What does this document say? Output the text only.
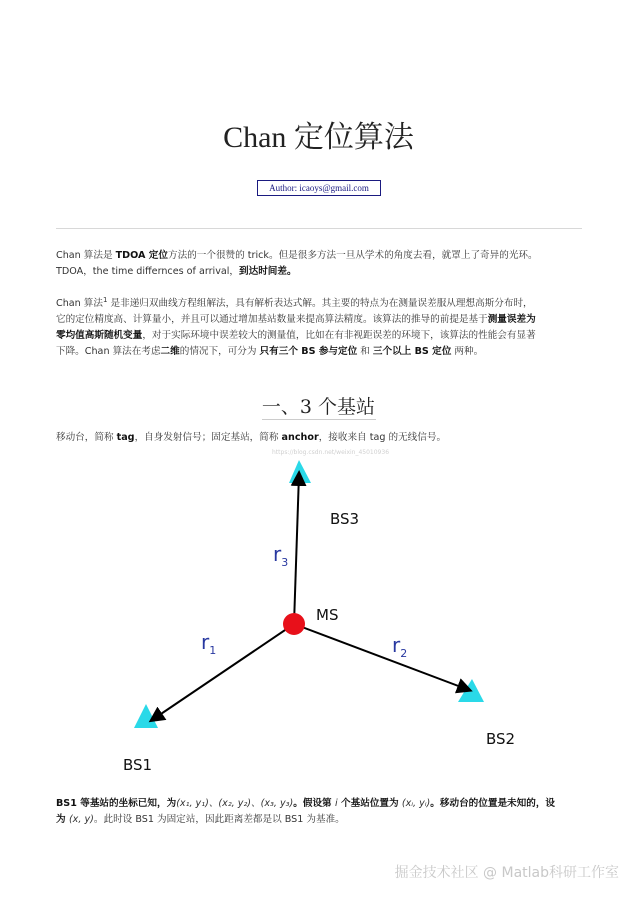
Chan 定位算法
Author: icaoys@gmail.com
Chan 算法是 TDOA 定位方法的一个很赞的 trick。但是很多方法一旦从学术的角度去看，就罩上了奇异的光环。
TDOA，the time differnces of arrival，到达时间差。
Chan 算法$^1$ 是非递归双曲线方程组解法，具有解析表达式解。其主要的特点为在测量误差服从理想高斯分布时，
它的定位精度高、计算量小，并且可以通过增加基站数量来提高算法精度。该算法的推导的前提是基于测量误差为
零均值高斯随机变量，对于实际环境中误差较大的测量值，比如在有非视距误差的环境下，该算法的性能会有显著
下降。Chan 算法在考虑二维的情况下，可分为 只有三个 BS 参与定位 和 三个以上 BS 定位 两种。
一、3 个基站
移动台，简称 tag，自身发射信号；固定基站，简称 anchor，接收来自 tag 的无线信号。
https://blog.csdn.net/weixin_45010936
BS3
MS
BS2
BS1
$r_3$
$r_1$	$r_2$
BS1 等基站的坐标已知，为(x₁, y₁)、(x₂, y₂)、(x₃, y₃)。假设第 i 个基站位置为 (xᵢ, yᵢ)。移动台的位置是未知的，设
为 (x, y)。此时设 BS1 为固定站，因此距离差都是以 BS1 为基准。
掘金技术社区 @ Matlab科研工作室
